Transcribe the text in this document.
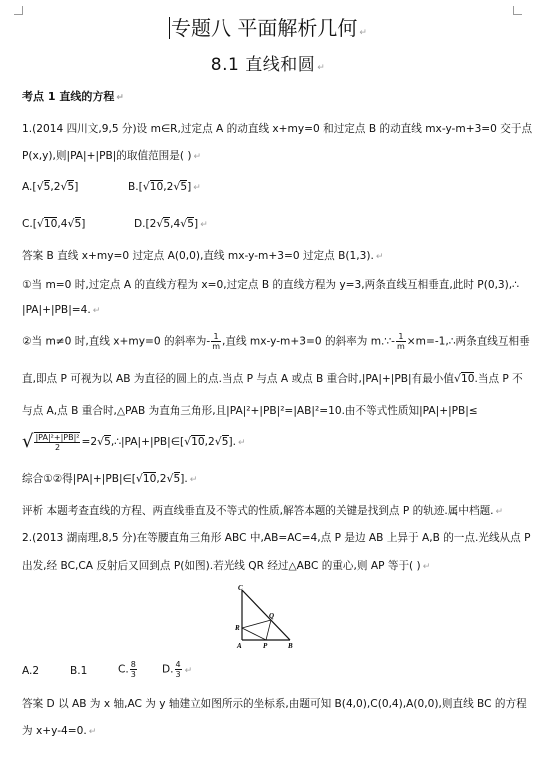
专题八 平面解析几何 ↵
8.1 直线和圆 ↵
考点 1 直线的方程 ↵
1.(2014 四川文,9,5 分)设 m∈R,过定点 A 的动直线 x+my=0 和过定点 B 的动直线 mx-y-m+3=0 交于点
P(x,y),则|PA|+|PB|的取值范围是( ) ↵
A.[√5,2√5]	B.[√10,2√5] ↵
C.[√10,4√5]	D.[2√5,4√5] ↵
答案 B 直线 x+my=0 过定点 A(0,0),直线 mx-y-m+3=0 过定点 B(1,3). ↵
①当 m=0 时,过定点 A 的直线方程为 x=0,过定点 B 的直线方程为 y=3,两条直线互相垂直,此时 P(0,3),∴
|PA|+|PB|=4. ↵
②当 m≠0 时,直线 x+my=0 的斜率为- $\frac{1}{m}$ ,直线 mx-y-m+3=0 的斜率为 m.∵- $\frac{1}{m}$ ×m=-1,∴两条直线互相垂
直,即点 P 可视为以 AB 为直径的圆上的点.当点 P 与点 A 或点 B 重合时,|PA|+|PB|有最小值√10.当点 P 不
与点 A,点 B 重合时,△PAB 为直角三角形,且|PA|²+|PB|²=|AB|²=10.由不等式性质知|PA|+|PB|≤
√ $\frac{\text{|PA|²+|PB|²}}{2}$ =2√5,∴|PA|+|PB|∈[√10,2√5]. ↵
综合①②得|PA|+|PB|∈[√10,2√5]. ↵
评析 本题考查直线的方程、两直线垂直及不等式的性质,解答本题的关键是找到点 P 的轨迹.属中档题. ↵
2.(2013 湖南理,8,5 分)在等腰直角三角形 ABC 中,AB=AC=4,点 P 是边 AB 上异于 A,B 的一点.光线从点 P
出发,经 BC,CA 反射后又回到点 P(如图).若光线 QR 经过△ABC 的重心,则 AP 等于( ) ↵
C
Q
R
A	P	B
A.2	B.1	C. $\frac{8}{3} D$. $\frac{4}{3}$ ↵
答案 D 以 AB 为 x 轴,AC 为 y 轴建立如图所示的坐标系,由题可知 B(4,0),C(0,4),A(0,0),则直线 BC 的方程
为 x+y-4=0. ↵
